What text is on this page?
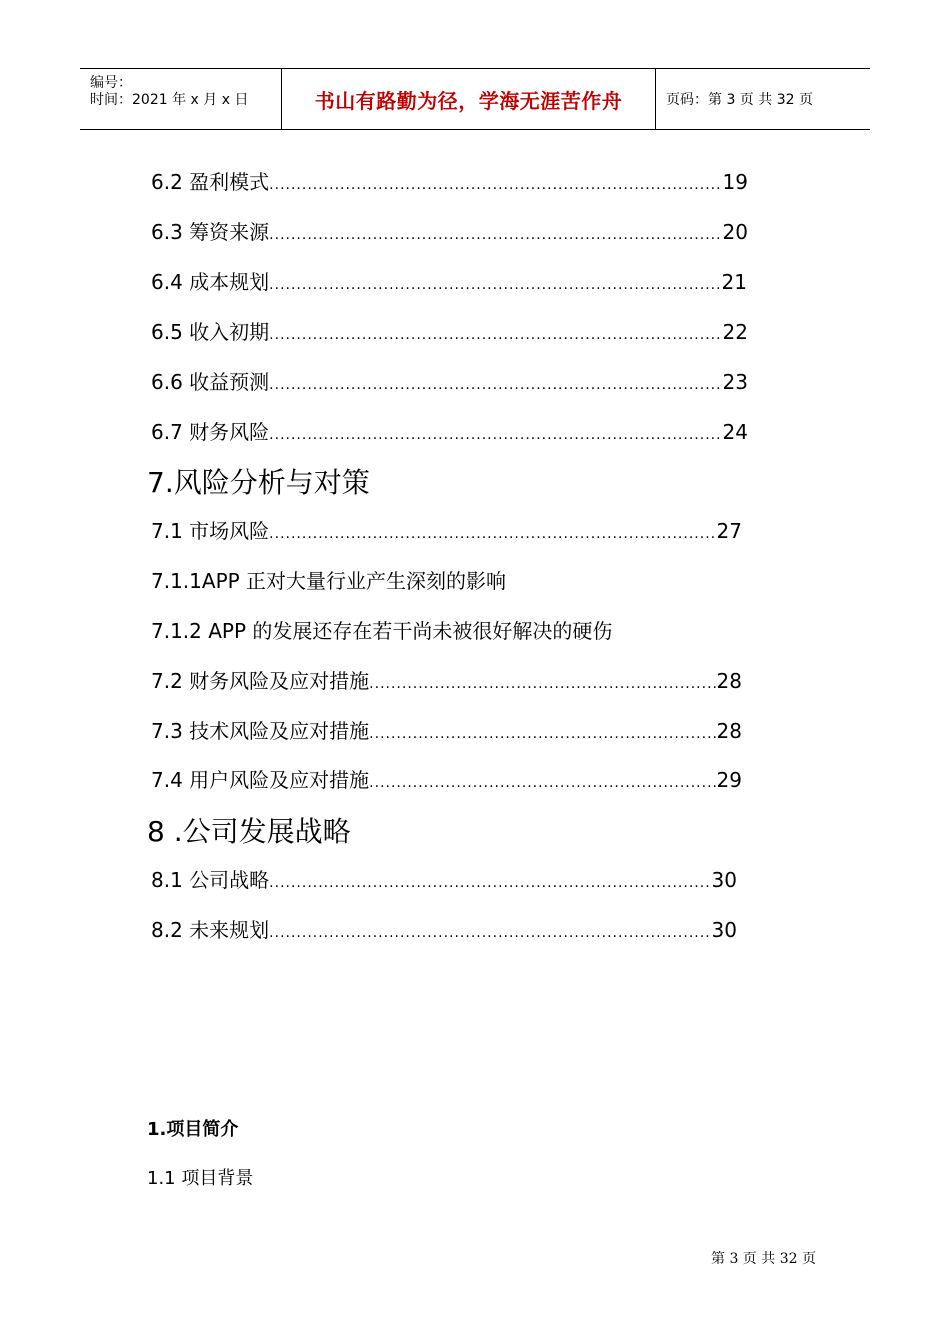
编号：
时间：2021 年 x 月 x 日	书山有路勤为径，学海无涯苦作舟	页码：第 3 页 共 32 页
6.2 盈利模式 .....	19
6.3 筹资来源 .....	20
6.4 成本规划 .....	21
6.5 收入初期 .....	22
6.6 收益预测 .....	23
6.7 财务风险 .....	24
7.风险分析与对策
7.1 市场风险 .....	27
7.1.1APP 正对大量行业产生深刻的影响
7.1.2 APP 的发展还存在若干尚未被很好解决的硬伤
7.2 财务风险及应对措施 .....	28
7.3 技术风险及应对措施 .....	28
7.4 用户风险及应对措施 .....	29
8 .公司发展战略
8.1 公司战略 .....	30
8.2 未来规划 .....	30
1.项目简介
1.1 项目背景
第 3 页 共 32 页
